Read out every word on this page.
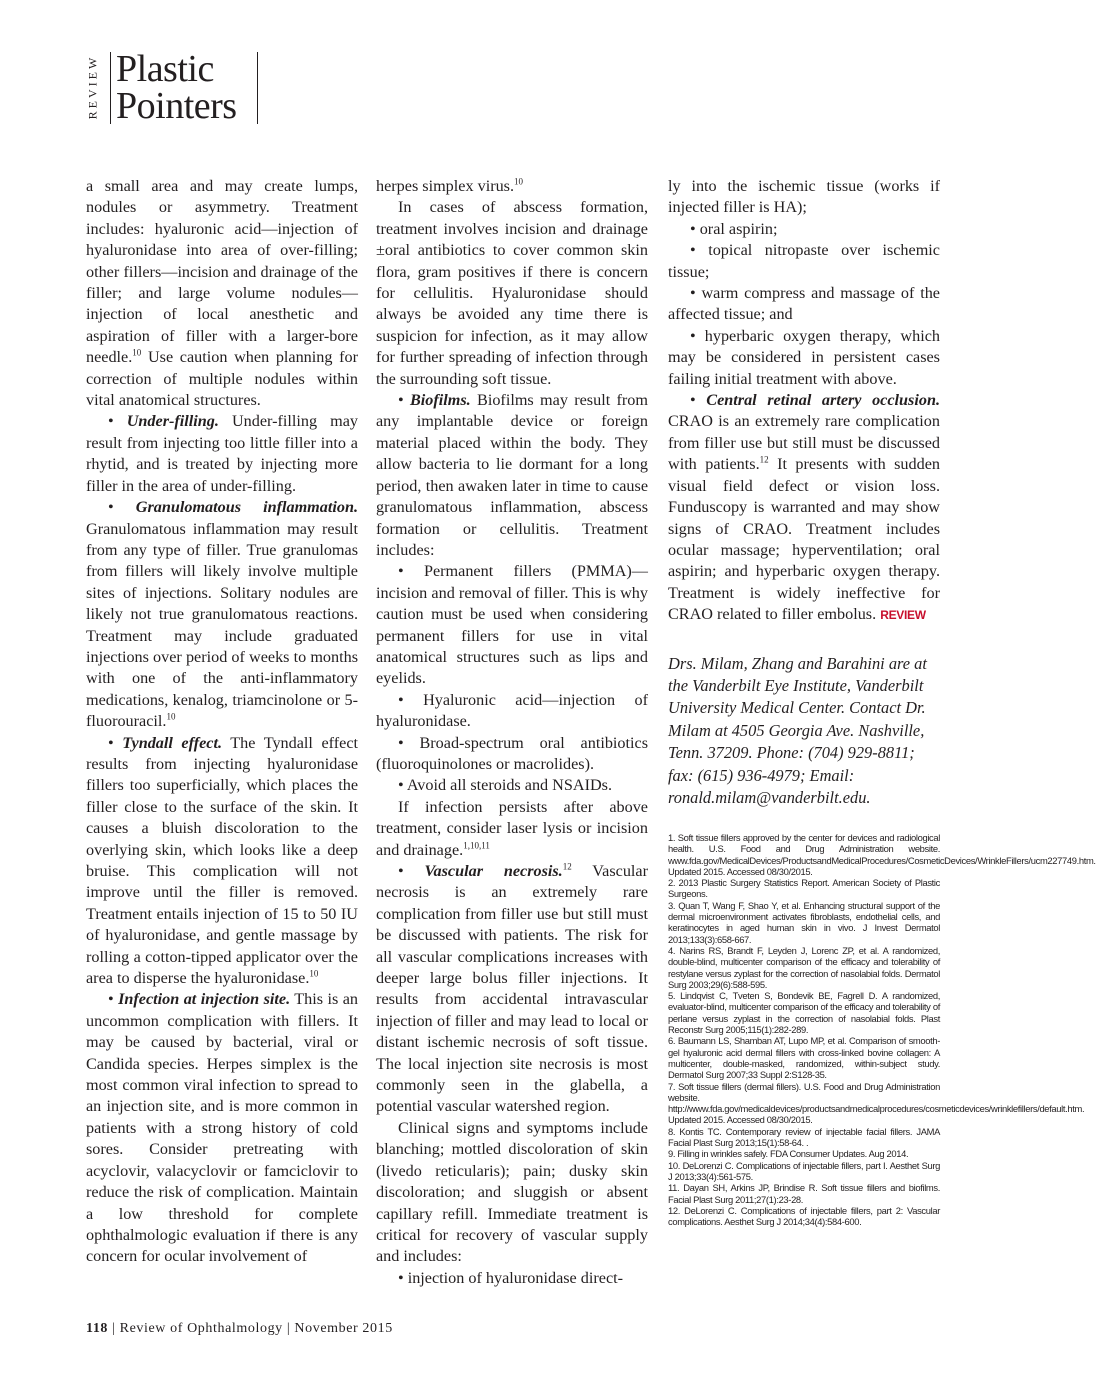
REVIEW Plastic
Pointers

a small area and may create lumps, nodules or asymmetry. Treatment includes: hyaluronic acid—injection of hyaluronidase into area of over-filling; other fillers—incision and drainage of the filler; and large volume nodules—injection of local anesthetic and aspiration of filler with a larger-bore needle.$^{10}$ Use caution when planning for correction of multiple nodules within vital anatomical structures.

• Under-filling. Under-filling may result from injecting too little filler into a rhytid, and is treated by injecting more filler in the area of under-filling.

• Granulomatous inflammation. Granulomatous inflammation may result from any type of filler. True granulomas from fillers will likely involve multiple sites of injections. Solitary nodules are likely not true granulomatous reactions. Treatment may include graduated injections over period of weeks to months with one of the anti-inflammatory medications, kenalog, triamcinolone or 5-fluorouracil.$^{10}$

• Tyndall effect. The Tyndall effect results from injecting hyaluronidase fillers too superficially, which places the filler close to the surface of the skin. It causes a bluish discoloration to the overlying skin, which looks like a deep bruise. This complication will not improve until the filler is removed. Treatment entails injection of 15 to 50 IU of hyaluronidase, and gentle massage by rolling a cotton-tipped applicator over the area to disperse the hyaluronidase.$^{10}$

• Infection at injection site. This is an uncommon complication with fillers. It may be caused by bacterial, viral or Candida species. Herpes simplex is the most common viral infection to spread to an injection site, and is more common in patients with a strong history of cold sores. Consider pretreating with acyclovir, valacyclovir or famciclovir to reduce the risk of complication. Maintain a low threshold for complete ophthalmologic evaluation if there is any concern for ocular involvement of

herpes simplex virus.$^{10}$

In cases of abscess formation, treatment involves incision and drainage ±oral antibiotics to cover common skin flora, gram positives if there is concern for cellulitis. Hyaluronidase should always be avoided any time there is suspicion for infection, as it may allow for further spreading of infection through the surrounding soft tissue.

• Biofilms. Biofilms may result from any implantable device or foreign material placed within the body. They allow bacteria to lie dormant for a long period, then awaken later in time to cause granulomatous inflammation, abscess formation or cellulitis. Treatment includes:

• Permanent fillers (PMMA)—incision and removal of filler. This is why caution must be used when considering permanent fillers for use in vital anatomical structures such as lips and eyelids.

• Hyaluronic acid—injection of hyaluronidase.

• Broad-spectrum oral antibiotics (fluoroquinolones or macrolides).

• Avoid all steroids and NSAIDs.

If infection persists after above treatment, consider laser lysis or incision and drainage.$^{1,10,11}$

• Vascular necrosis.$^{12}$ Vascular necrosis is an extremely rare complication from filler use but still must be discussed with patients. The risk for all vascular complications increases with deeper large bolus filler injections. It results from accidental intravascular injection of filler and may lead to local or distant ischemic necrosis of soft tissue. The local injection site necrosis is most commonly seen in the glabella, a potential vascular watershed region.

Clinical signs and symptoms include blanching; mottled discoloration of skin (livedo reticularis); pain; dusky skin discoloration; and sluggish or absent capillary refill. Immediate treatment is critical for recovery of vascular supply and includes:

• injection of hyaluronidase direct-

ly into the ischemic tissue (works if injected filler is HA);

• oral aspirin;

• topical nitropaste over ischemic tissue;

• warm compress and massage of the affected tissue; and

• hyperbaric oxygen therapy, which may be considered in persistent cases failing initial treatment with above.

• Central retinal artery occlusion. CRAO is an extremely rare complication from filler use but still must be discussed with patients.$^{12}$ It presents with sudden visual field defect or vision loss. Funduscopy is warranted and may show signs of CRAO. Treatment includes ocular massage; hyperventilation; oral aspirin; and hyperbaric oxygen therapy. Treatment is widely ineffective for CRAO related to filler embolus. REVIEW

Drs. Milam, Zhang and Barahini are at the Vanderbilt Eye Institute, Vanderbilt University Medical Center. Contact Dr. Milam at 4505 Georgia Ave. Nashville, Tenn. 37209. Phone: (704) 929-8811; fax: (615) 936-4979; Email: ronald.milam@vanderbilt.edu.

1. Soft tissue fillers approved by the center for devices and radiological health. U.S. Food and Drug Administration website. www.fda.gov/MedicalDevices/ProductsandMedicalProcedures/CosmeticDevices/WrinkleFillers/ucm227749.htm. Updated 2015. Accessed 08/30/2015.

2. 2013 Plastic Surgery Statistics Report. American Society of Plastic Surgeons.

3. Quan T, Wang F, Shao Y, et al. Enhancing structural support of the dermal microenvironment activates fibroblasts, endothelial cells, and keratinocytes in aged human skin in vivo. J Invest Dermatol 2013;133(3):658-667.

4. Narins RS, Brandt F, Leyden J, Lorenc ZP, et al. A randomized, double-blind, multicenter comparison of the efficacy and tolerability of restylane versus zyplast for the correction of nasolabial folds. Dermatol Surg 2003;29(6):588-595.

5. Lindqvist C, Tveten S, Bondevik BE, Fagrell D. A randomized, evaluator-blind, multicenter comparison of the efficacy and tolerability of perlane versus zyplast in the correction of nasolabial folds. Plast Reconstr Surg 2005;115(1):282-289.

6. Baumann LS, Shamban AT, Lupo MP, et al. Comparison of smooth-gel hyaluronic acid dermal fillers with cross-linked bovine collagen: A multicenter, double-masked, randomized, within-subject study. Dermatol Surg 2007;33 Suppl 2:S128-35.

7. Soft tissue fillers (dermal fillers). U.S. Food and Drug Administration website. http://www.fda.gov/medicaldevices/productsandmedicalprocedures/cosmeticdevices/wrinklefillers/default.htm. Updated 2015. Accessed 08/30/2015.

8. Kontis TC. Contemporary review of injectable facial fillers. JAMA Facial Plast Surg 2013;15(1):58-64. .

9. Filling in wrinkles safely. FDA Consumer Updates. Aug 2014.

10. DeLorenzi C. Complications of injectable fillers, part I. Aesthet Surg J 2013;33(4):561-575.

11. Dayan SH, Arkins JP, Brindise R. Soft tissue fillers and biofilms. Facial Plast Surg 2011;27(1):23-28.

12. DeLorenzi C. Complications of injectable fillers, part 2: Vascular complications. Aesthet Surg J 2014;34(4):584-600.

118 | Review of Ophthalmology | November 2015
